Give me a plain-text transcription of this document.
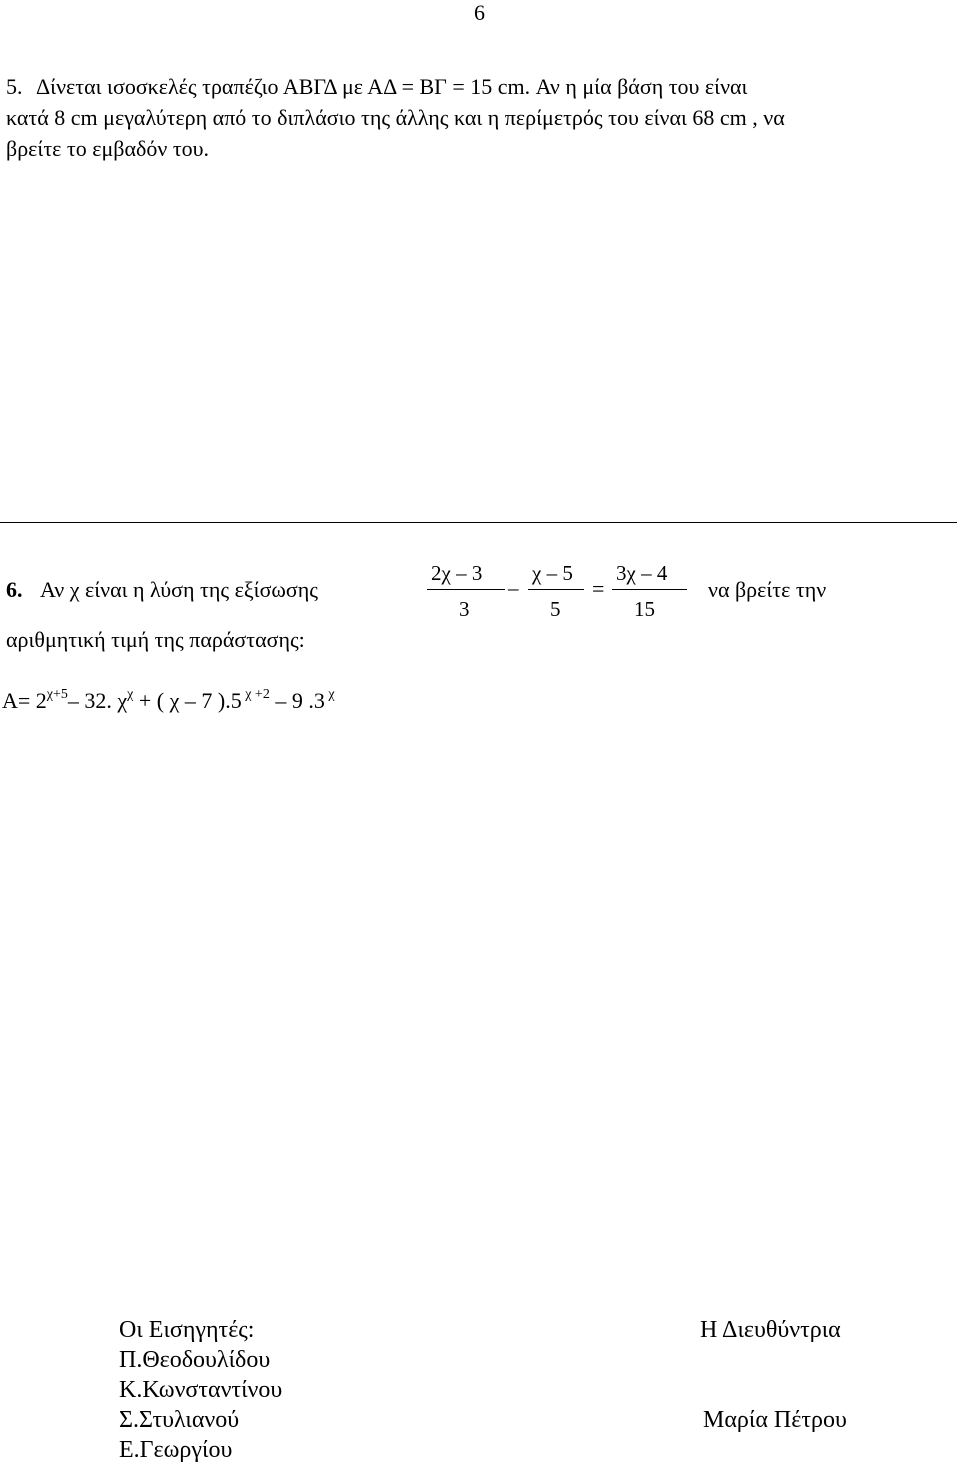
6
5. Δίνεται ισοσκελές τραπέζιο ΑΒΓΔ με ΑΔ = ΒΓ = 15 cm. Αν η μία βάση του είναι
κατά 8 cm μεγαλύτερη από το διπλάσιο της άλλης και η περίμετρός του είναι 68 cm , να
βρείτε το εμβαδόν του.
6. Αν χ είναι η λύση της εξίσωσης
2χ – 3
3
–
χ – 5
5
=
3χ – 4
15
να βρείτε την
αριθμητική τιμή της παράστασης:
$A= 2^{\chi+5}-$ 32. $\chi^\chi$ + ( χ – 7 ).5 $^{\chi +2}$ – 9 .3 $^\chi$
Οι Εισηγητές:
Π.Θεοδουλίδου
Κ.Κωνσταντίνου
Σ.Στυλιανού
Ε.Γεωργίου
Η Διευθύντρια
Μαρία Πέτρου
